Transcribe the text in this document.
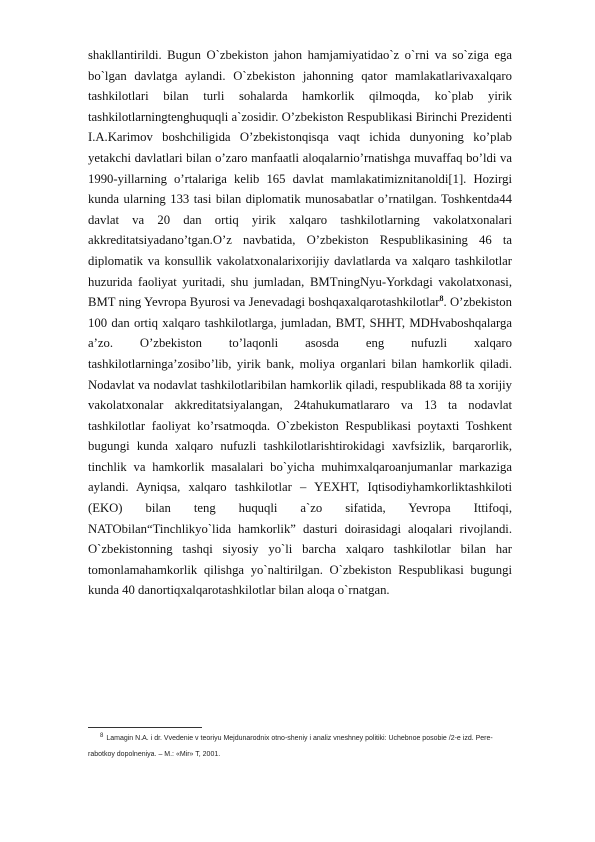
shakllantirildi. Bugun O`zbekiston jahon hamjamiyatidao`z o`rni va so`ziga ega bo`lgan davlatga aylandi. O`zbekiston jahonning qator mamlakatlarivaxalqaro tashkilotlari bilan turli sohalarda hamkorlik qilmoqda, ko`plab yirik tashkilotlarningtenghuquqli a`zosidir. O’zbekiston Respublikasi Birinchi Prezidenti I.A.Karimov boshchiligida O’zbekistonqisqa vaqt ichida dunyoning ko’plab yetakchi davlatlari bilan o’zaro manfaatli aloqalarnio’rnatishga muvaffaq bo’ldi va 1990-yillarning o’rtalariga kelib 165 davlat mamlakatimiznitanoldi[1]. Hozirgi kunda ularning 133 tasi bilan diplomatik munosabatlar o’rnatilgan. Toshkentda44 davlat va 20 dan ortiq yirik xalqaro tashkilotlarning vakolatxonalari akkreditatsiyadano’tgan.O’z navbatida, O’zbekiston Respublikasining 46 ta diplomatik va konsullik vakolatxonalarixorijiy davlatlarda va xalqaro tashkilotlar huzurida faoliyat yuritadi, shu jumladan, BMTningNyu-Yorkdagi vakolatxonasi, BMT ning Yevropa Byurosi va Jenevadagi boshqaxalqarotashkilotlar$^8$. O’zbekiston 100 dan ortiq xalqaro tashkilotlarga, jumladan, BMT, SHHT, MDHvaboshqalarga a’zo. O’zbekiston to’laqonli asosda eng nufuzli xalqaro tashkilotlarninga’zosibo’lib, yirik bank, moliya organlari bilan hamkorlik qiladi. Nodavlat va nodavlat tashkilotlaribilan hamkorlik qiladi, respublikada 88 ta xorijiy vakolatxonalar akkreditatsiyalangan, 24tahukumatlararo va 13 ta nodavlat tashkilotlar faoliyat ko’rsatmoqda. O`zbekiston Respublikasi poytaxti Toshkent bugungi kunda xalqaro nufuzli tashkilotlarishtirokidagi xavfsizlik, barqarorlik, tinchlik va hamkorlik masalalari bo`yicha muhimxalqaroanjumanlar markaziga aylandi. Ayniqsa, xalqaro tashkilotlar – YEXHT, Iqtisodiyhamkorliktashkiloti (EKO) bilan teng huquqli a`zo sifatida, Yevropa Ittifoqi, NATObilan“Tinchlikyo`lida hamkorlik” dasturi doirasidagi aloqalari rivojlandi. O`zbekistonning tashqi siyosiy yo`li barcha xalqaro tashkilotlar bilan har tomonlamahamkorlik qilishga yo`naltirilgan. O`zbekiston Respublikasi bugungi kunda 40 danortiqxalqarotashkilotlar bilan aloqa o`rnatgan.

8 Lamagin N.A. i dr. Vvedenie v teoriyu Mejdunarodnix otno-sheniy i analiz vneshney politiki: Uchebnoe posobie /2-e izd. Pere-rabotkoy dopolneniya. – M.: «Mir» T, 2001.
